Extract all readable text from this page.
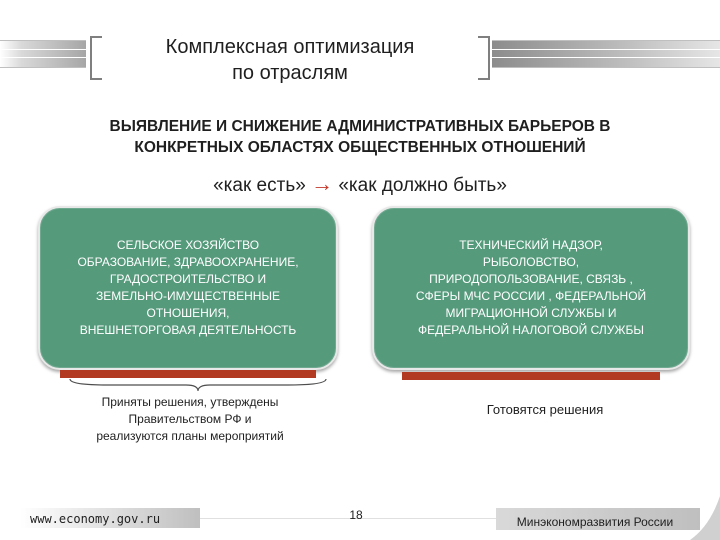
Комплексная оптимизация
по отраслям
ВЫЯВЛЕНИЕ И СНИЖЕНИЕ АДМИНИСТРАТИВНЫХ БАРЬЕРОВ В
КОНКРЕТНЫХ ОБЛАСТЯХ ОБЩЕСТВЕННЫХ ОТНОШЕНИЙ
«как есть» → «как должно быть»
СЕЛЬСКОЕ ХОЗЯЙСТВО
ОБРАЗОВАНИЕ, ЗДРАВООХРАНЕНИЕ,
ГРАДОСТРОИТЕЛЬСТВО И
ЗЕМЕЛЬНО-ИМУЩЕСТВЕННЫЕ
ОТНОШЕНИЯ,
ВНЕШНЕТОРГОВАЯ ДЕЯТЕЛЬНОСТЬ
ТЕХНИЧЕСКИЙ НАДЗОР,
РЫБОЛОВСТВО,
ПРИРОДОПОЛЬЗОВАНИЕ, СВЯЗЬ ,
СФЕРЫ МЧС РОССИИ , ФЕДЕРАЛЬНОЙ
МИГРАЦИОННОЙ СЛУЖБЫ И
ФЕДЕРАЛЬНОЙ НАЛОГОВОЙ СЛУЖБЫ
Приняты решения, утверждены
Правительством РФ и
реализуются планы мероприятий
Готовятся решения
www.economy.gov.ru	18	Минэкономразвития России
